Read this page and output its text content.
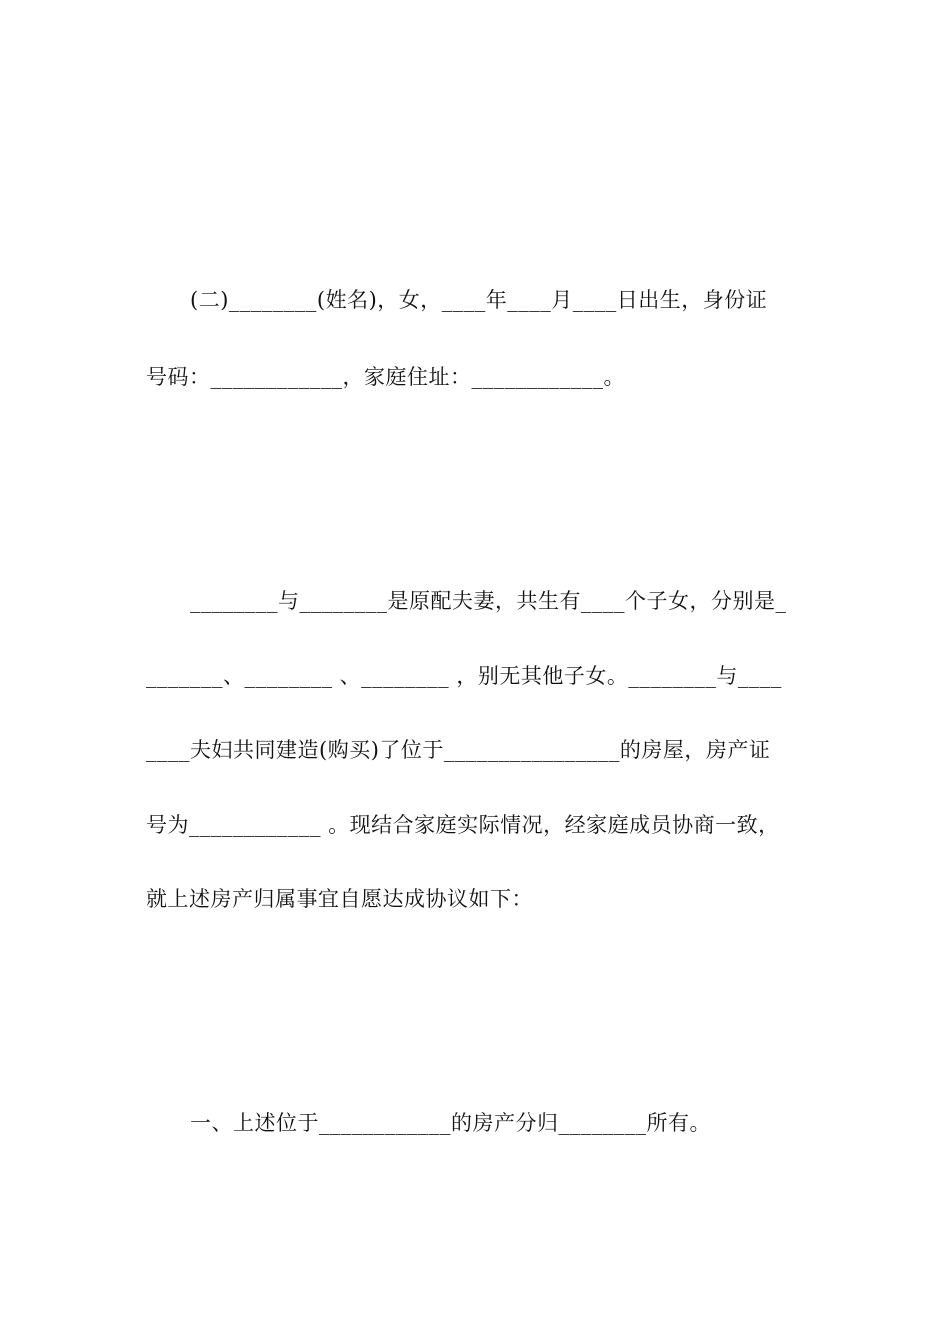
(二)________(姓名)，女，____年____月____日出生，身份证
号码：____________，家庭住址：____________。
________与________是原配夫妻，共生有____个子女，分别是_
_______、________ 、________ ，别无其他子女。________与____
____夫妇共同建造(购买)了位于________________的房屋，房产证
号为____________ 。现结合家庭实际情况，经家庭成员协商一致，
就上述房产归属事宜自愿达成协议如下：
一、上述位于____________的房产分归________所有。
